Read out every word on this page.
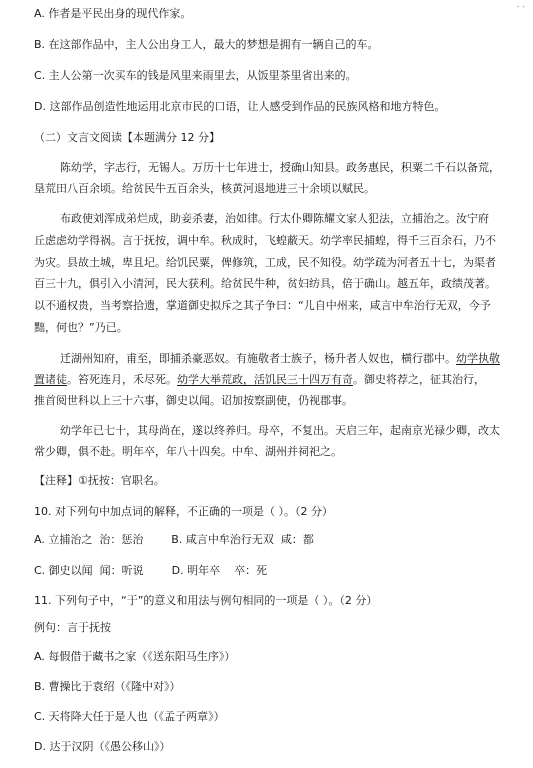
- -
A. 作者是平民出身的现代作家。
B. 在这部作品中，主人公出身工人，最大的梦想是拥有一辆自己的车。
C. 主人公第一次买车的钱是风里来雨里去，从饭里茶里省出来的。
D. 这部作品创造性地运用北京市民的口语，让人感受到作品的民族风格和地方特色。
（二）文言文阅读【本题满分 12 分】
陈幼学，字志行，无锡人。万历十七年进士，授确山知县。政务惠民，积粟二千石以备荒，
垦荒田八百余顷。给贫民牛五百余头，核黄河退地进三十余顷以赋民。
布政使刘浑成弟烂成，助妾杀妻，治如律。行太仆卿陈耀文家人犯法，立捕治之。汝宁府
丘虑虑幼学得祸。言于抚按，调中牟。秋成时，飞蝗蔽天。幼学率民捕蝗，得千三百余石，乃不
为灾。县故土城，卑且圮。给饥民粟，俾修筑，工成，民不知役。幼学疏为河者五十七，为渠者
百三十九，俱引入小清河，民大获利。给贫民牛种，贫妇纺具，倍于确山。越五年，政绩茂著。
以不通权贵，当考察拾遗，掌道御史拟斥之其子争曰：“儿自中州来，咸言中牟治行无双，今予
黜，何也？”乃已。
迁湖州知府，甫至，即捕杀豪恶奴。有施敬者士族子，杨升者人奴也，横行郡中。幼学执敬
置诸徒。笞死连月，禾尽死。幼学大举荒政，活饥民三十四万有奇。御史将荐之，征其治行，
推首阅世科以上三十六事，御史以闻。诏加按察副使，仍视郡事。
幼学年已七十，其母尚在，遂以终养归。母卒，不复出。天启三年，起南京光禄少卿，改太
常少卿，俱不赴。明年卒，年八十四矣。中牟、湖州并祠祀之。
【注释】①抚按：官职名。
10. 对下列句中加点词的解释，不正确的一项是（ ）。（2 分）
A. 立捕治之  治：惩治        B. 咸言中牟治行无双  咸：都
C. 御史以闻  闻：听说        D. 明年卒    卒：死
11. 下列句子中，“于”的意义和用法与例句相同的一项是（ ）。（2 分）
例句：言于抚按
A. 每假借于藏书之家（《送东阳马生序》）
B. 曹操比于袁绍（《隆中对》）
C. 天将降大任于是人也（《孟子两章》）
D. 达于汉阴（《愚公移山》）
